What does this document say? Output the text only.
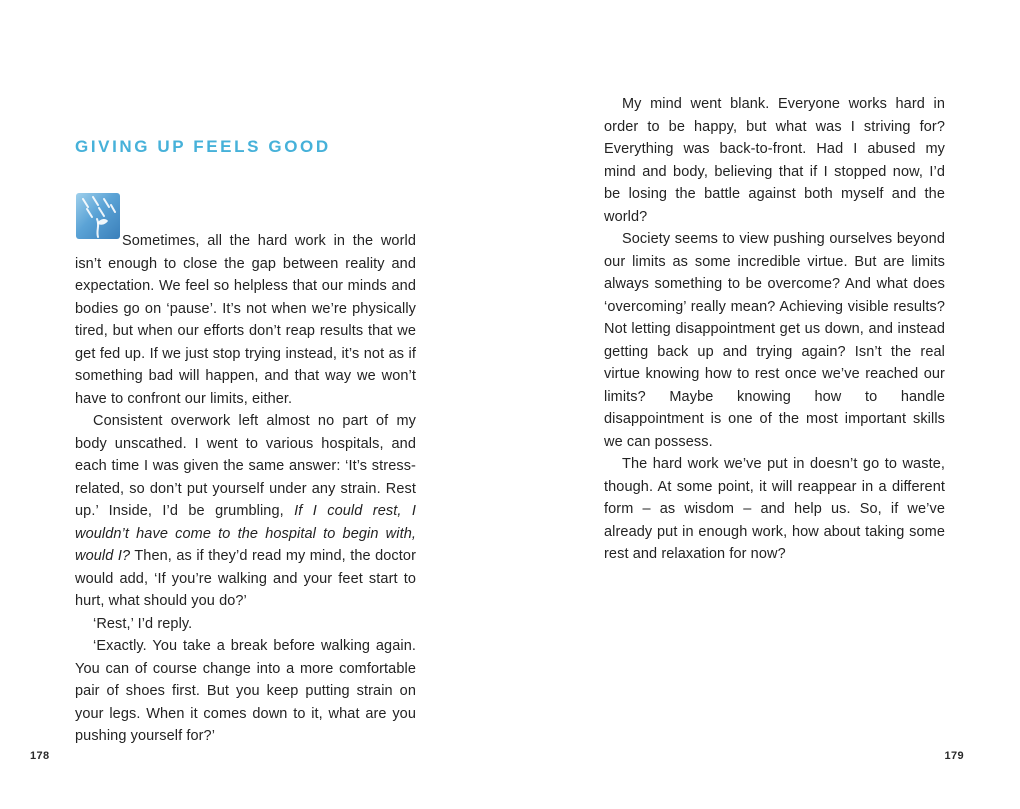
GIVING UP FEELS GOOD

Sometimes, all the hard work in the world isn’t enough to close the gap between reality and expectation. We feel so helpless that our minds and bodies go on ‘pause’. It’s not when we’re physically tired, but when our efforts don’t reap results that we get fed up. If we just stop trying instead, it’s not as if something bad will happen, and that way we won’t have to confront our limits, either.

Consistent overwork left almost no part of my body unscathed. I went to various hospitals, and each time I was given the same answer: ‘It’s stress-related, so don’t put yourself under any strain. Rest up.’ Inside, I’d be grumbling, If I could rest, I wouldn’t have come to the hospital to begin with, would I? Then, as if they’d read my mind, the doctor would add, ‘If you’re walking and your feet start to hurt, what should you do?’

‘Rest,’ I’d reply.

‘Exactly. You take a break before walking again. You can of course change into a more comfortable pair of shoes first. But you keep putting strain on your legs. When it comes down to it, what are you pushing yourself for?’

178

My mind went blank. Everyone works hard in order to be happy, but what was I striving for? Everything was back-to-front. Had I abused my mind and body, believing that if I stopped now, I’d be losing the battle against both myself and the world?

Society seems to view pushing ourselves beyond our limits as some incredible virtue. But are limits always something to be overcome? And what does ‘overcoming’ really mean? Achieving visible results? Not letting disappointment get us down, and instead getting back up and trying again? Isn’t the real virtue knowing how to rest once we’ve reached our limits? Maybe knowing how to handle disappointment is one of the most important skills we can possess.

The hard work we’ve put in doesn’t go to waste, though. At some point, it will reappear in a different form – as wisdom – and help us. So, if we’ve already put in enough work, how about taking some rest and relaxation for now?

179
